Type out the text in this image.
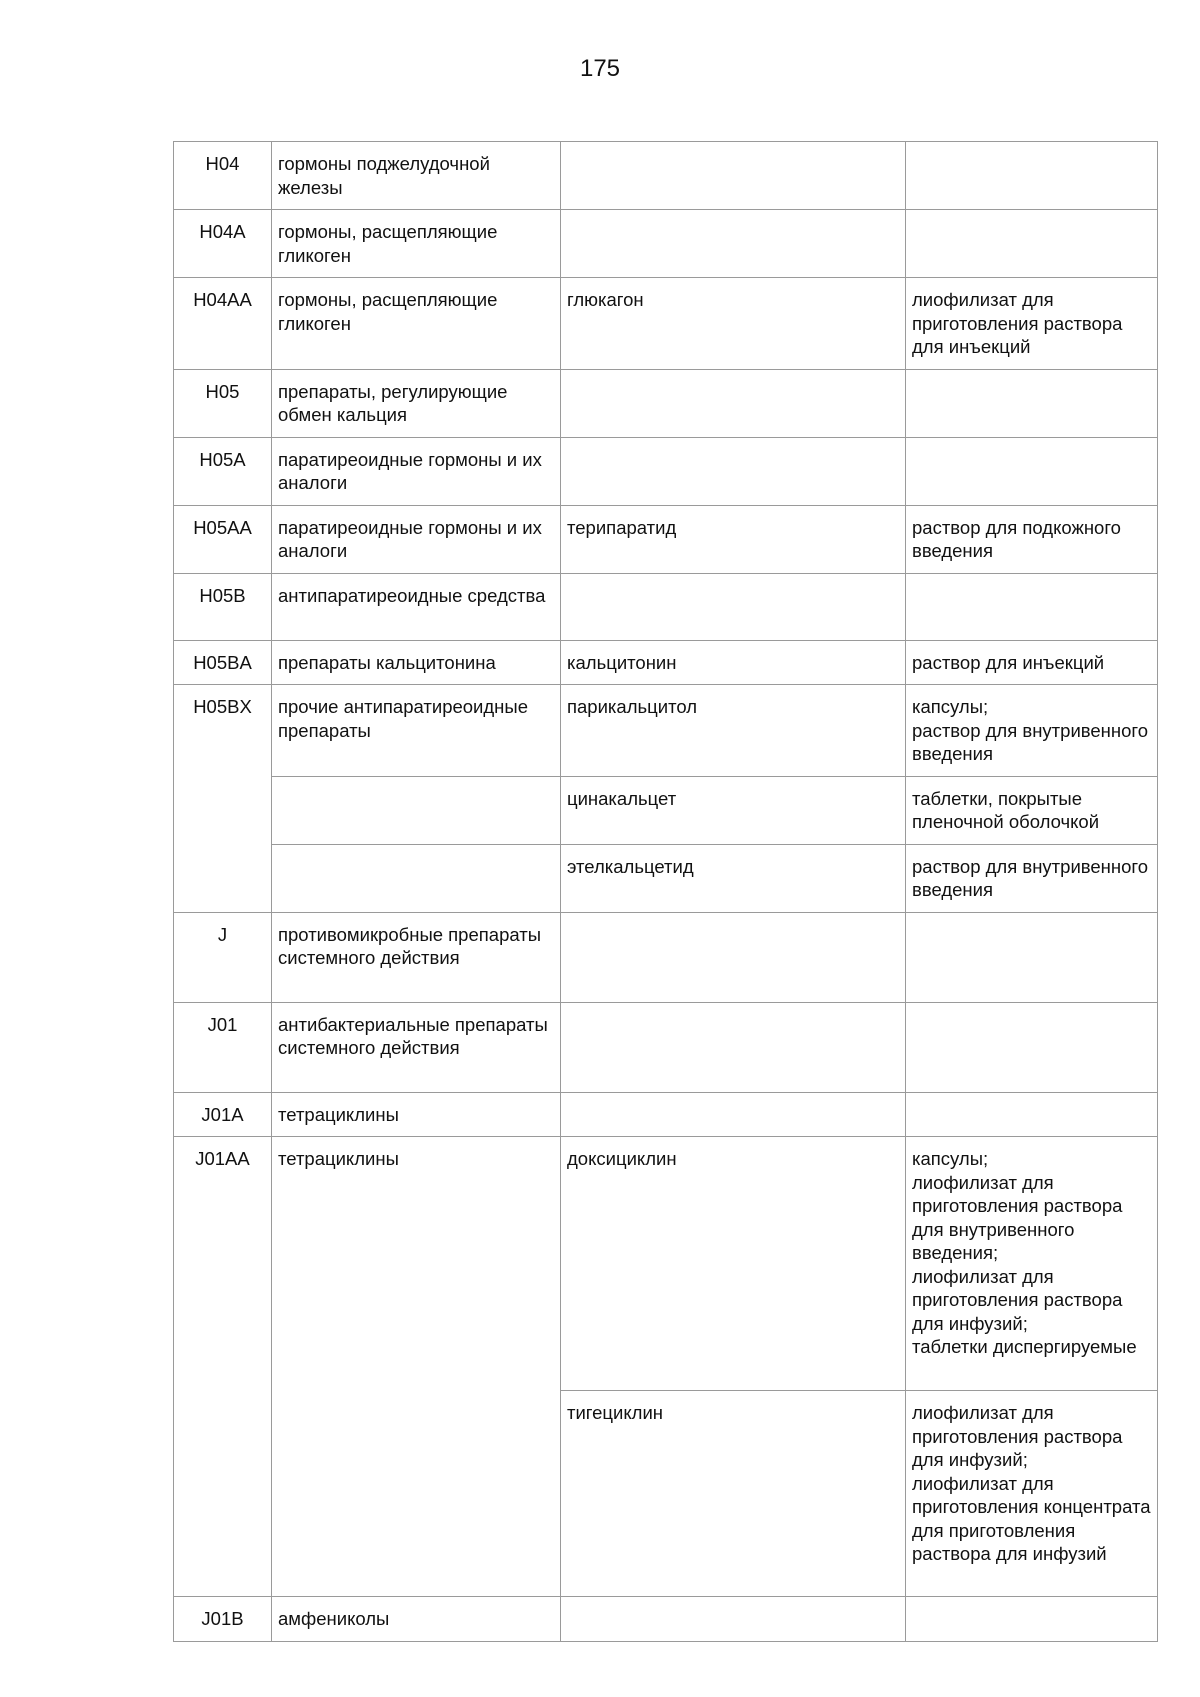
175
H04	гормоны поджелудочной железы		
H04A	гормоны, расщепляющие гликоген		
H04AA	гормоны, расщепляющие гликоген	глюкагон	лиофилизат для приготовления раствора для инъекций
H05	препараты, регулирующие обмен кальция		
H05A	паратиреоидные гормоны и их аналоги		
H05AA	паратиреоидные гормоны и их аналоги	терипаратид	раствор для подкожного введения
H05B	антипаратиреоидные средства		
H05BA	препараты кальцитонина	кальцитонин	раствор для инъекций
H05BX	прочие антипаратиреоидные препараты	парикальцитол	капсулы;
раствор для внутривенного введения
		цинакальцет	таблетки, покрытые пленочной оболочкой
		этелкальцетид	раствор для внутривенного введения
J	противомикробные препараты системного действия		
J01	антибактериальные препараты системного действия		
J01A	тетрациклины		
J01AA	тетрациклины	доксициклин	капсулы;
лиофилизат для приготовления раствора для внутривенного введения;
лиофилизат для приготовления раствора для инфузий;
таблетки диспергируемые
		тигециклин	лиофилизат для приготовления раствора для инфузий;
лиофилизат для приготовления концентрата для приготовления раствора для инфузий
J01B	амфениколы		
